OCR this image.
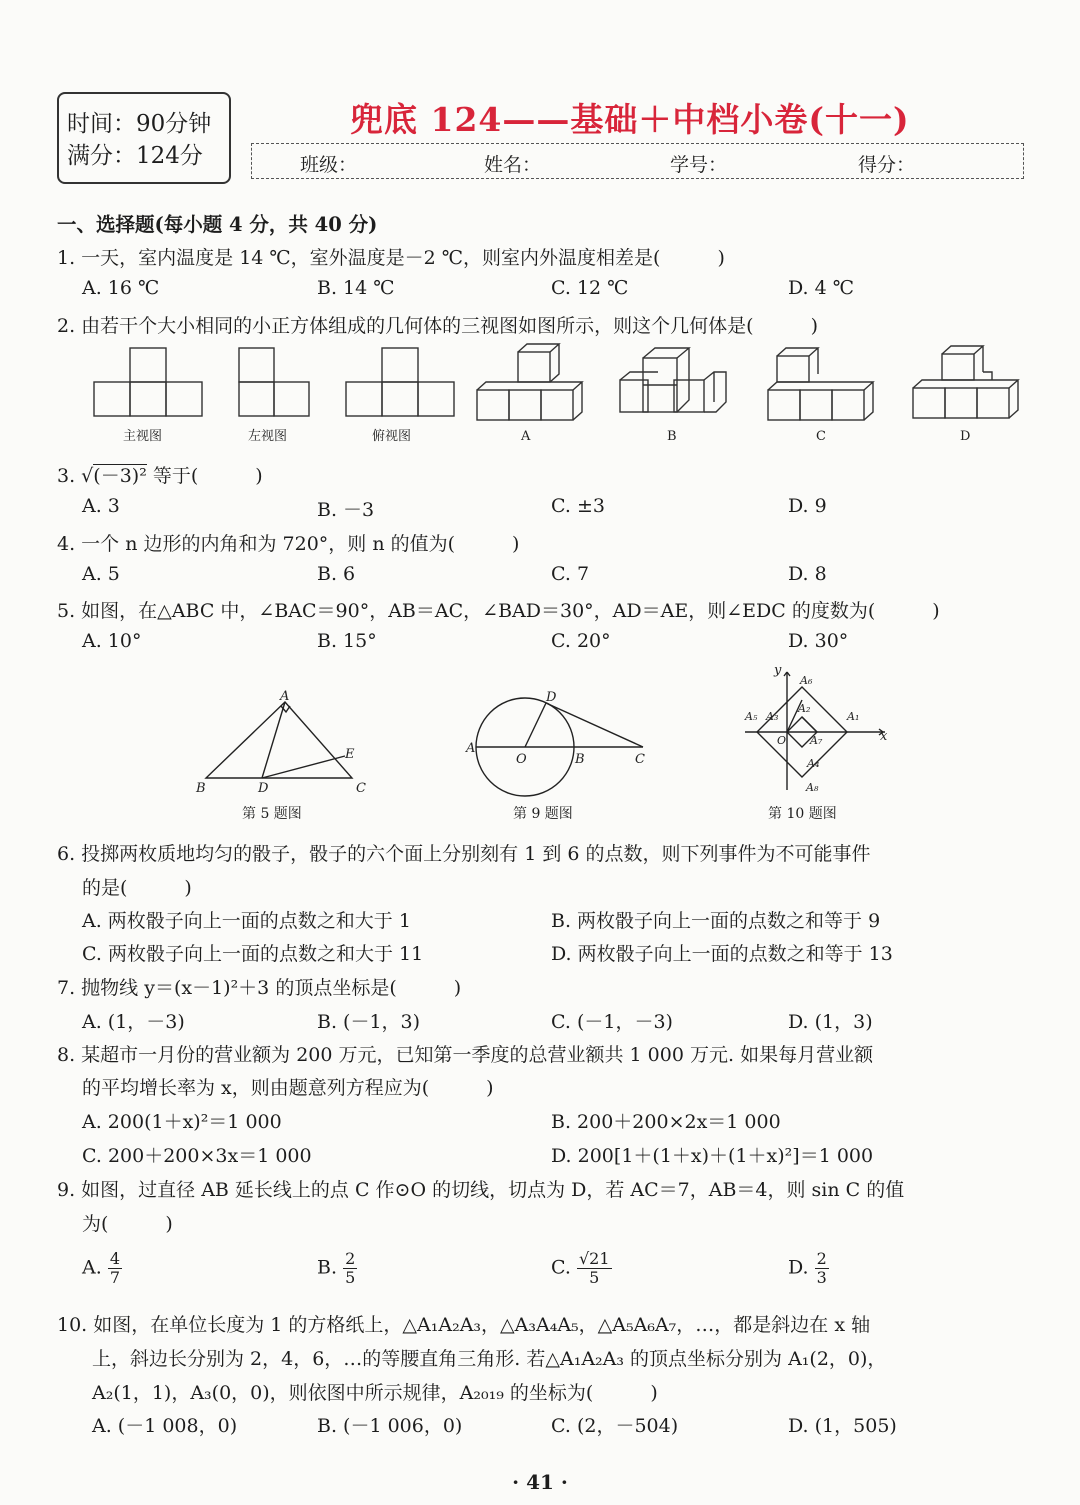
时间：90分钟
满分：124分
兜底 124——基础＋中档小卷(十一)
班级：	姓名：	学号：	得分：
一、选择题(每小题 4 分，共 40 分)
1. 一天，室内温度是 14 ℃，室外温度是－2 ℃，则室内外温度相差是(　　　)
A. 16 ℃	B. 14 ℃	C. 12 ℃	D. 4 ℃
2. 由若干个大小相同的小正方体组成的几何体的三视图如图所示，则这个几何体是(　　　)
主视图	左视图	俯视图	A	B	C	D
3. √(－3)² 等于(　　　)
A. 3	B. －3	C. ±3	D. 9
4. 一个 n 边形的内角和为 720°，则 n 的值为(　　　)
A. 5	B. 6	C. 7	D. 8
5. 如图，在△ABC 中，∠BAC＝90°，AB＝AC，∠BAD＝30°，AD＝AE，则∠EDC 的度数为(　　　)
A. 10°	B. 15°	C. 20°	D. 30°
A
B	D
E
C
A
O	B	C
D
y
x
O
A₆
A₂
A₅ A₃	A₁
A₇
A₄
A₈
第 5 题图	第 9 题图	第 10 题图
6. 投掷两枚质地均匀的骰子，骰子的六个面上分别刻有 1 到 6 的点数，则下列事件为不可能事件
的是(　　　)
A. 两枚骰子向上一面的点数之和大于 1	B. 两枚骰子向上一面的点数之和等于 9
C. 两枚骰子向上一面的点数之和大于 11	D. 两枚骰子向上一面的点数之和等于 13
7. 抛物线 y＝(x－1)²＋3 的顶点坐标是(　　　)
A. (1，－3)	B. (－1，3)	C. (－1，－3)	D. (1，3)
8. 某超市一月份的营业额为 200 万元，已知第一季度的总营业额共 1 000 万元. 如果每月营业额
的平均增长率为 x，则由题意列方程应为(　　　)
A. 200(1＋x)²＝1 000	B. 200＋200×2x＝1 000
C. 200＋200×3x＝1 000	D. 200[1＋(1＋x)＋(1＋x)²]＝1 000
9. 如图，过直径 AB 延长线上的点 C 作⊙O 的切线，切点为 D，若 AC＝7，AB＝4，则 sin C 的值
为(　　　)
A. $\frac{4}{7}$	B. $\frac{2}{5}$	C. $\frac{√21}{5}$	D. $\frac{2}{3}$
10. 如图，在单位长度为 1 的方格纸上，△A₁A₂A₃，△A₃A₄A₅，△A₅A₆A₇，…，都是斜边在 x 轴
上，斜边长分别为 2，4，6，…的等腰直角三角形. 若△A₁A₂A₃ 的顶点坐标分别为 A₁(2，0)，
A₂(1，1)，A₃(0，0)，则依图中所示规律，A₂₀₁₉ 的坐标为(　　　)
A. (－1 008，0)	B. (－1 006，0)	C. (2，－504)	D. (1，505)
· 41 ·
